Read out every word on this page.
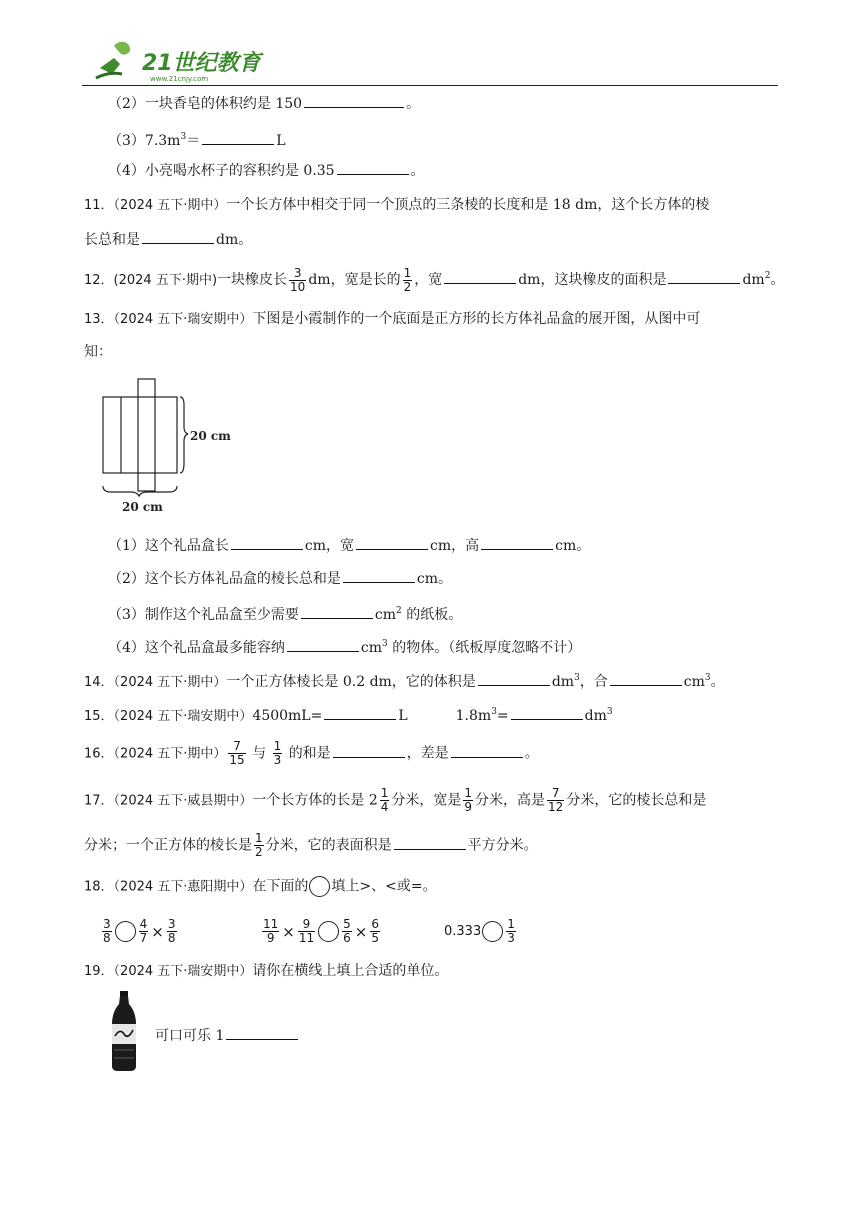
21世纪教育
www.21cnjy.com
（2）一块香皂的体积约是 150	。
$(3)7.3m^3=$	L
（4）小亮喝水杯子的容积约是 0.35	。
11．（2024 五下·期中）一个长方体中相交于同一个顶点的三条棱的长度和是 18 dm，这个长方体的棱
长总和是	dm。
12．(2024 五下·期中)一块橡皮长 $\frac{3}{10}$ dm，宽是长的 $\frac{1}{2}$ ，宽	dm，这块橡皮的面积是	$dm^2$。
13．（2024 五下·瑞安期中）下图是小霞制作的一个底面是正方形的长方体礼品盒的展开图，从图中可
知：
20 cm
20 cm
（1）这个礼品盒长	cm，宽	cm，高	cm。
（2）这个长方体礼品盒的棱长总和是	cm。
（3）制作这个礼品盒至少需要	$cm^2$ 的纸板。
（4）这个礼品盒最多能容纳	$cm^3$ 的物体。（纸板厚度忽略不计）
14．（2024 五下·期中）一个正方体棱长是 0.2 dm，它的体积是	$dm^3$，合	$cm^3$。
15．（2024 五下·瑞安期中）4500mL=	L	$1.8m^3=$	$dm^3$
16．（2024 五下·期中） $\frac{7}{15}$ 与 $\frac{1}{3}$ 的和是	，差是	。
17．（2024 五下·威县期中）一个长方体的长是 $2 \frac{1}{4}$ 分米，宽是 $\frac{1}{9}$ 分米，高是 $\frac{7}{12}$ 分米，它的棱长总和是
分米；一个正方体的棱长是 $\frac{1}{2}$ 分米，它的表面积是	平方分米。
18．（2024 五下·惠阳期中）在下面的 填上>、<或=。
$\frac{3}{8} \frac{4}{7} \times \frac{3}{8}$	$\frac{11}{9} \times \frac{9}{11} \frac{5}{6} \times \frac{6}{5}$	$0.333 \frac{1}{3}$
19．（2024 五下·瑞安期中）请你在横线上填上合适的单位。
可口可乐 1
